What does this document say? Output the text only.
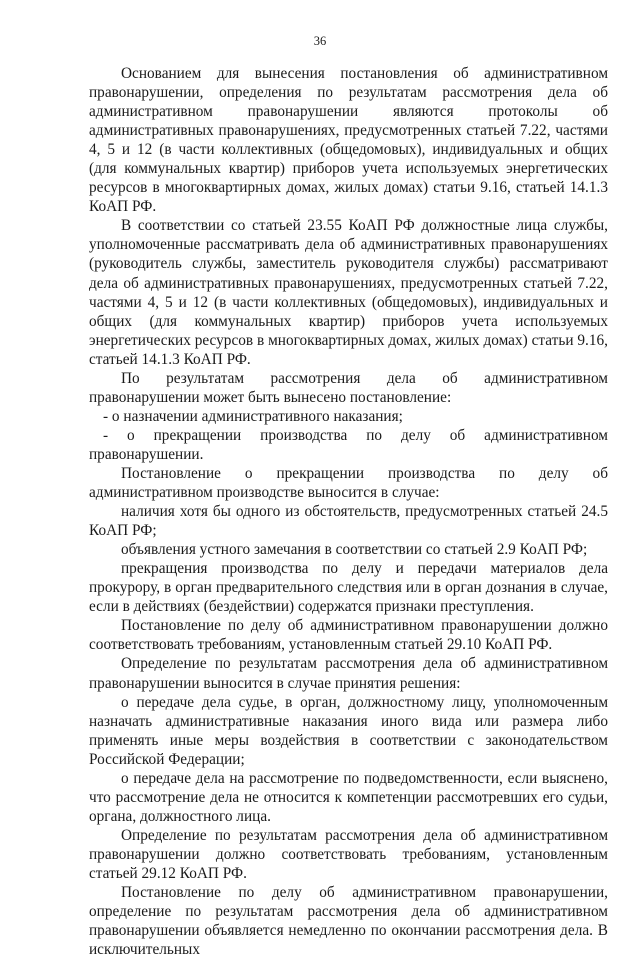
36

Основанием для вынесения постановления об административном правонарушении, определения по результатам рассмотрения дела об административном правонарушении являются протоколы об административных правонарушениях, предусмотренных статьей 7.22, частями 4, 5 и 12 (в части коллективных (общедомовых), индивидуальных и общих (для коммунальных квартир) приборов учета используемых энергетических ресурсов в многоквартирных домах, жилых домах) статьи 9.16, статьей 14.1.3 КоАП РФ.

В соответствии со статьей 23.55 КоАП РФ должностные лица службы, уполномоченные рассматривать дела об административных правонарушениях (руководитель службы, заместитель руководителя службы) рассматривают дела об административных правонарушениях, предусмотренных статьей 7.22, частями 4, 5 и 12 (в части коллективных (общедомовых), индивидуальных и общих (для коммунальных квартир) приборов учета используемых энергетических ресурсов в многоквартирных домах, жилых домах) статьи 9.16, статьей 14.1.3 КоАП РФ.

По результатам рассмотрения дела об административном правонарушении может быть вынесено постановление:

- о назначении административного наказания;

- о прекращении производства по делу об административном правонарушении.

Постановление о прекращении производства по делу об административном производстве выносится в случае:

наличия хотя бы одного из обстоятельств, предусмотренных статьей 24.5 КоАП РФ;

объявления устного замечания в соответствии со статьей 2.9 КоАП РФ;

прекращения производства по делу и передачи материалов дела прокурору, в орган предварительного следствия или в орган дознания в случае, если в действиях (бездействии) содержатся признаки преступления.

Постановление по делу об административном правонарушении должно соответствовать требованиям, установленным статьей 29.10 КоАП РФ.

Определение по результатам рассмотрения дела об административном правонарушении выносится в случае принятия решения:

о передаче дела судье, в орган, должностному лицу, уполномоченным назначать административные наказания иного вида или размера либо применять иные меры воздействия в соответствии с законодательством Российской Федерации;

о передаче дела на рассмотрение по подведомственности, если выяснено, что рассмотрение дела не относится к компетенции рассмотревших его судьи, органа, должностного лица.

Определение по результатам рассмотрения дела об административном правонарушении должно соответствовать требованиям, установленным статьей 29.12 КоАП РФ.

Постановление по делу об административном правонарушении, определение по результатам рассмотрения дела об административном правонарушении объявляется немедленно по окончании рассмотрения дела. В исключительных
